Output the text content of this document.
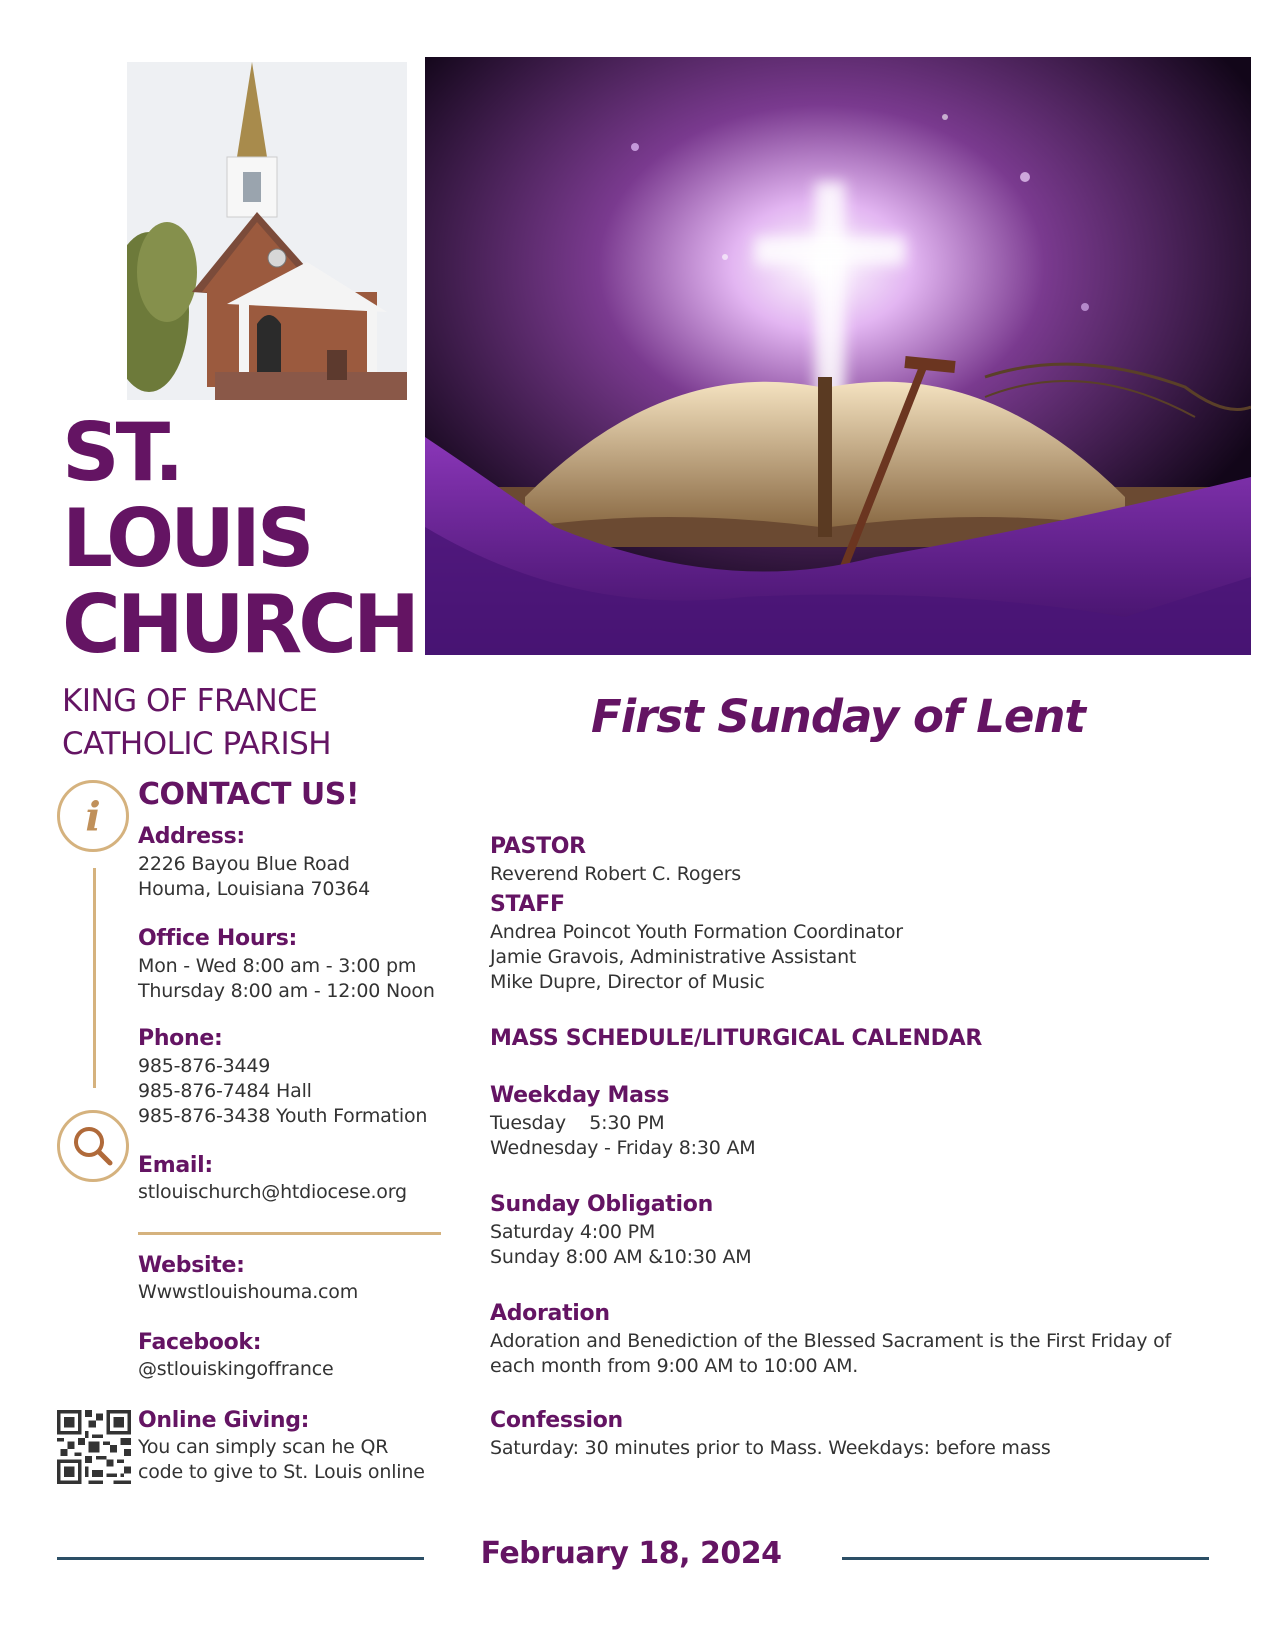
ST.
LOUIS
CHURCH
KING OF FRANCE
CATHOLIC PARISH
First Sunday of Lent
i CONTACT US!
Address:
2226 Bayou Blue Road
Houma, Louisiana 70364
Office Hours:
Mon - Wed 8:00 am - 3:00 pm
Thursday 8:00 am - 12:00 Noon
Phone:
985-876-3449
985-876-7484 Hall
985-876-3438 Youth Formation
Email:
stlouischurch@htdiocese.org
Website:
Wwwstlouishouma.com
Facebook:
@stlouiskingoffrance
Online Giving:
You can simply scan he QR
code to give to St. Louis online
PASTOR
Reverend Robert C. Rogers
STAFF
Andrea Poincot Youth Formation Coordinator
Jamie Gravois, Administrative Assistant
Mike Dupre, Director of Music
MASS SCHEDULE/LITURGICAL CALENDAR
Weekday Mass
Tuesday    5:30 PM
Wednesday - Friday 8:30 AM
Sunday Obligation
Saturday 4:00 PM
Sunday 8:00 AM &10:30 AM
Adoration
Adoration and Benediction of the Blessed Sacrament is the First Friday of each month from 9:00 AM to 10:00 AM.
Confession
Saturday: 30 minutes prior to Mass. Weekdays: before mass
February 18, 2024
